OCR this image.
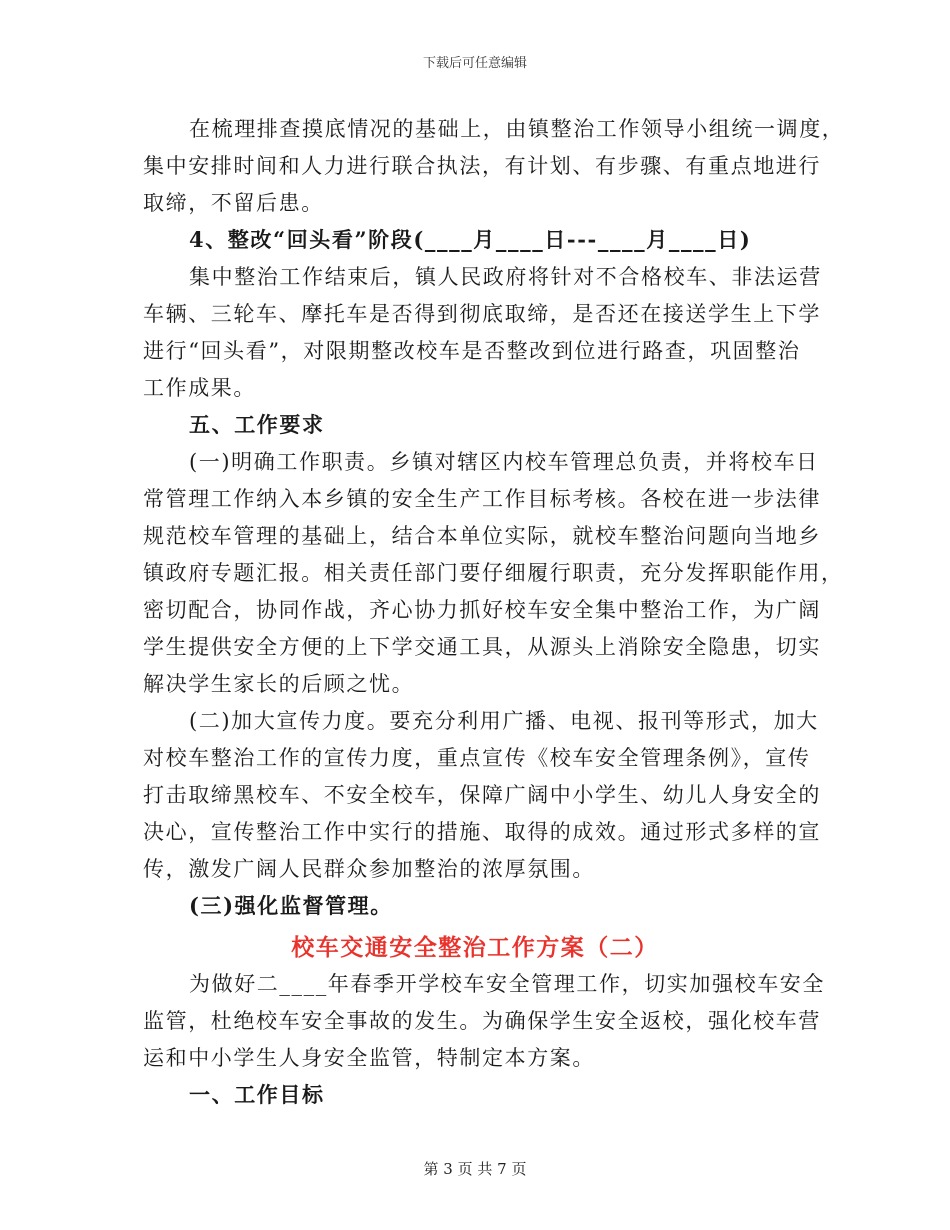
下载后可任意编辑
在梳理排查摸底情况的基础上，由镇整治工作领导小组统一调度，
集中安排时间和人力进行联合执法，有计划、有步骤、有重点地进行
取缔，不留后患。
4、整改“回头看”阶段(____月____日---____月____日)
集中整治工作结束后，镇人民政府将针对不合格校车、非法运营
车辆、三轮车、摩托车是否得到彻底取缔，是否还在接送学生上下学
进行“回头看”，对限期整改校车是否整改到位进行路查，巩固整治
工作成果。
五、工作要求
(一)明确工作职责。乡镇对辖区内校车管理总负责，并将校车日
常管理工作纳入本乡镇的安全生产工作目标考核。各校在进一步法律
规范校车管理的基础上，结合本单位实际，就校车整治问题向当地乡
镇政府专题汇报。相关责任部门要仔细履行职责，充分发挥职能作用，
密切配合，协同作战，齐心协力抓好校车安全集中整治工作，为广阔
学生提供安全方便的上下学交通工具，从源头上消除安全隐患，切实
解决学生家长的后顾之忧。
(二)加大宣传力度。要充分利用广播、电视、报刊等形式，加大
对校车整治工作的宣传力度，重点宣传《校车安全管理条例》，宣传
打击取缔黑校车、不安全校车，保障广阔中小学生、幼儿人身安全的
决心，宣传整治工作中实行的措施、取得的成效。通过形式多样的宣
传，激发广阔人民群众参加整治的浓厚氛围。
(三)强化监督管理。
校车交通安全整治工作方案（二）
为做好二____年春季开学校车安全管理工作，切实加强校车安全
监管，杜绝校车安全事故的发生。为确保学生安全返校，强化校车营
运和中小学生人身安全监管，特制定本方案。
一、工作目标
第 3 页 共 7 页
